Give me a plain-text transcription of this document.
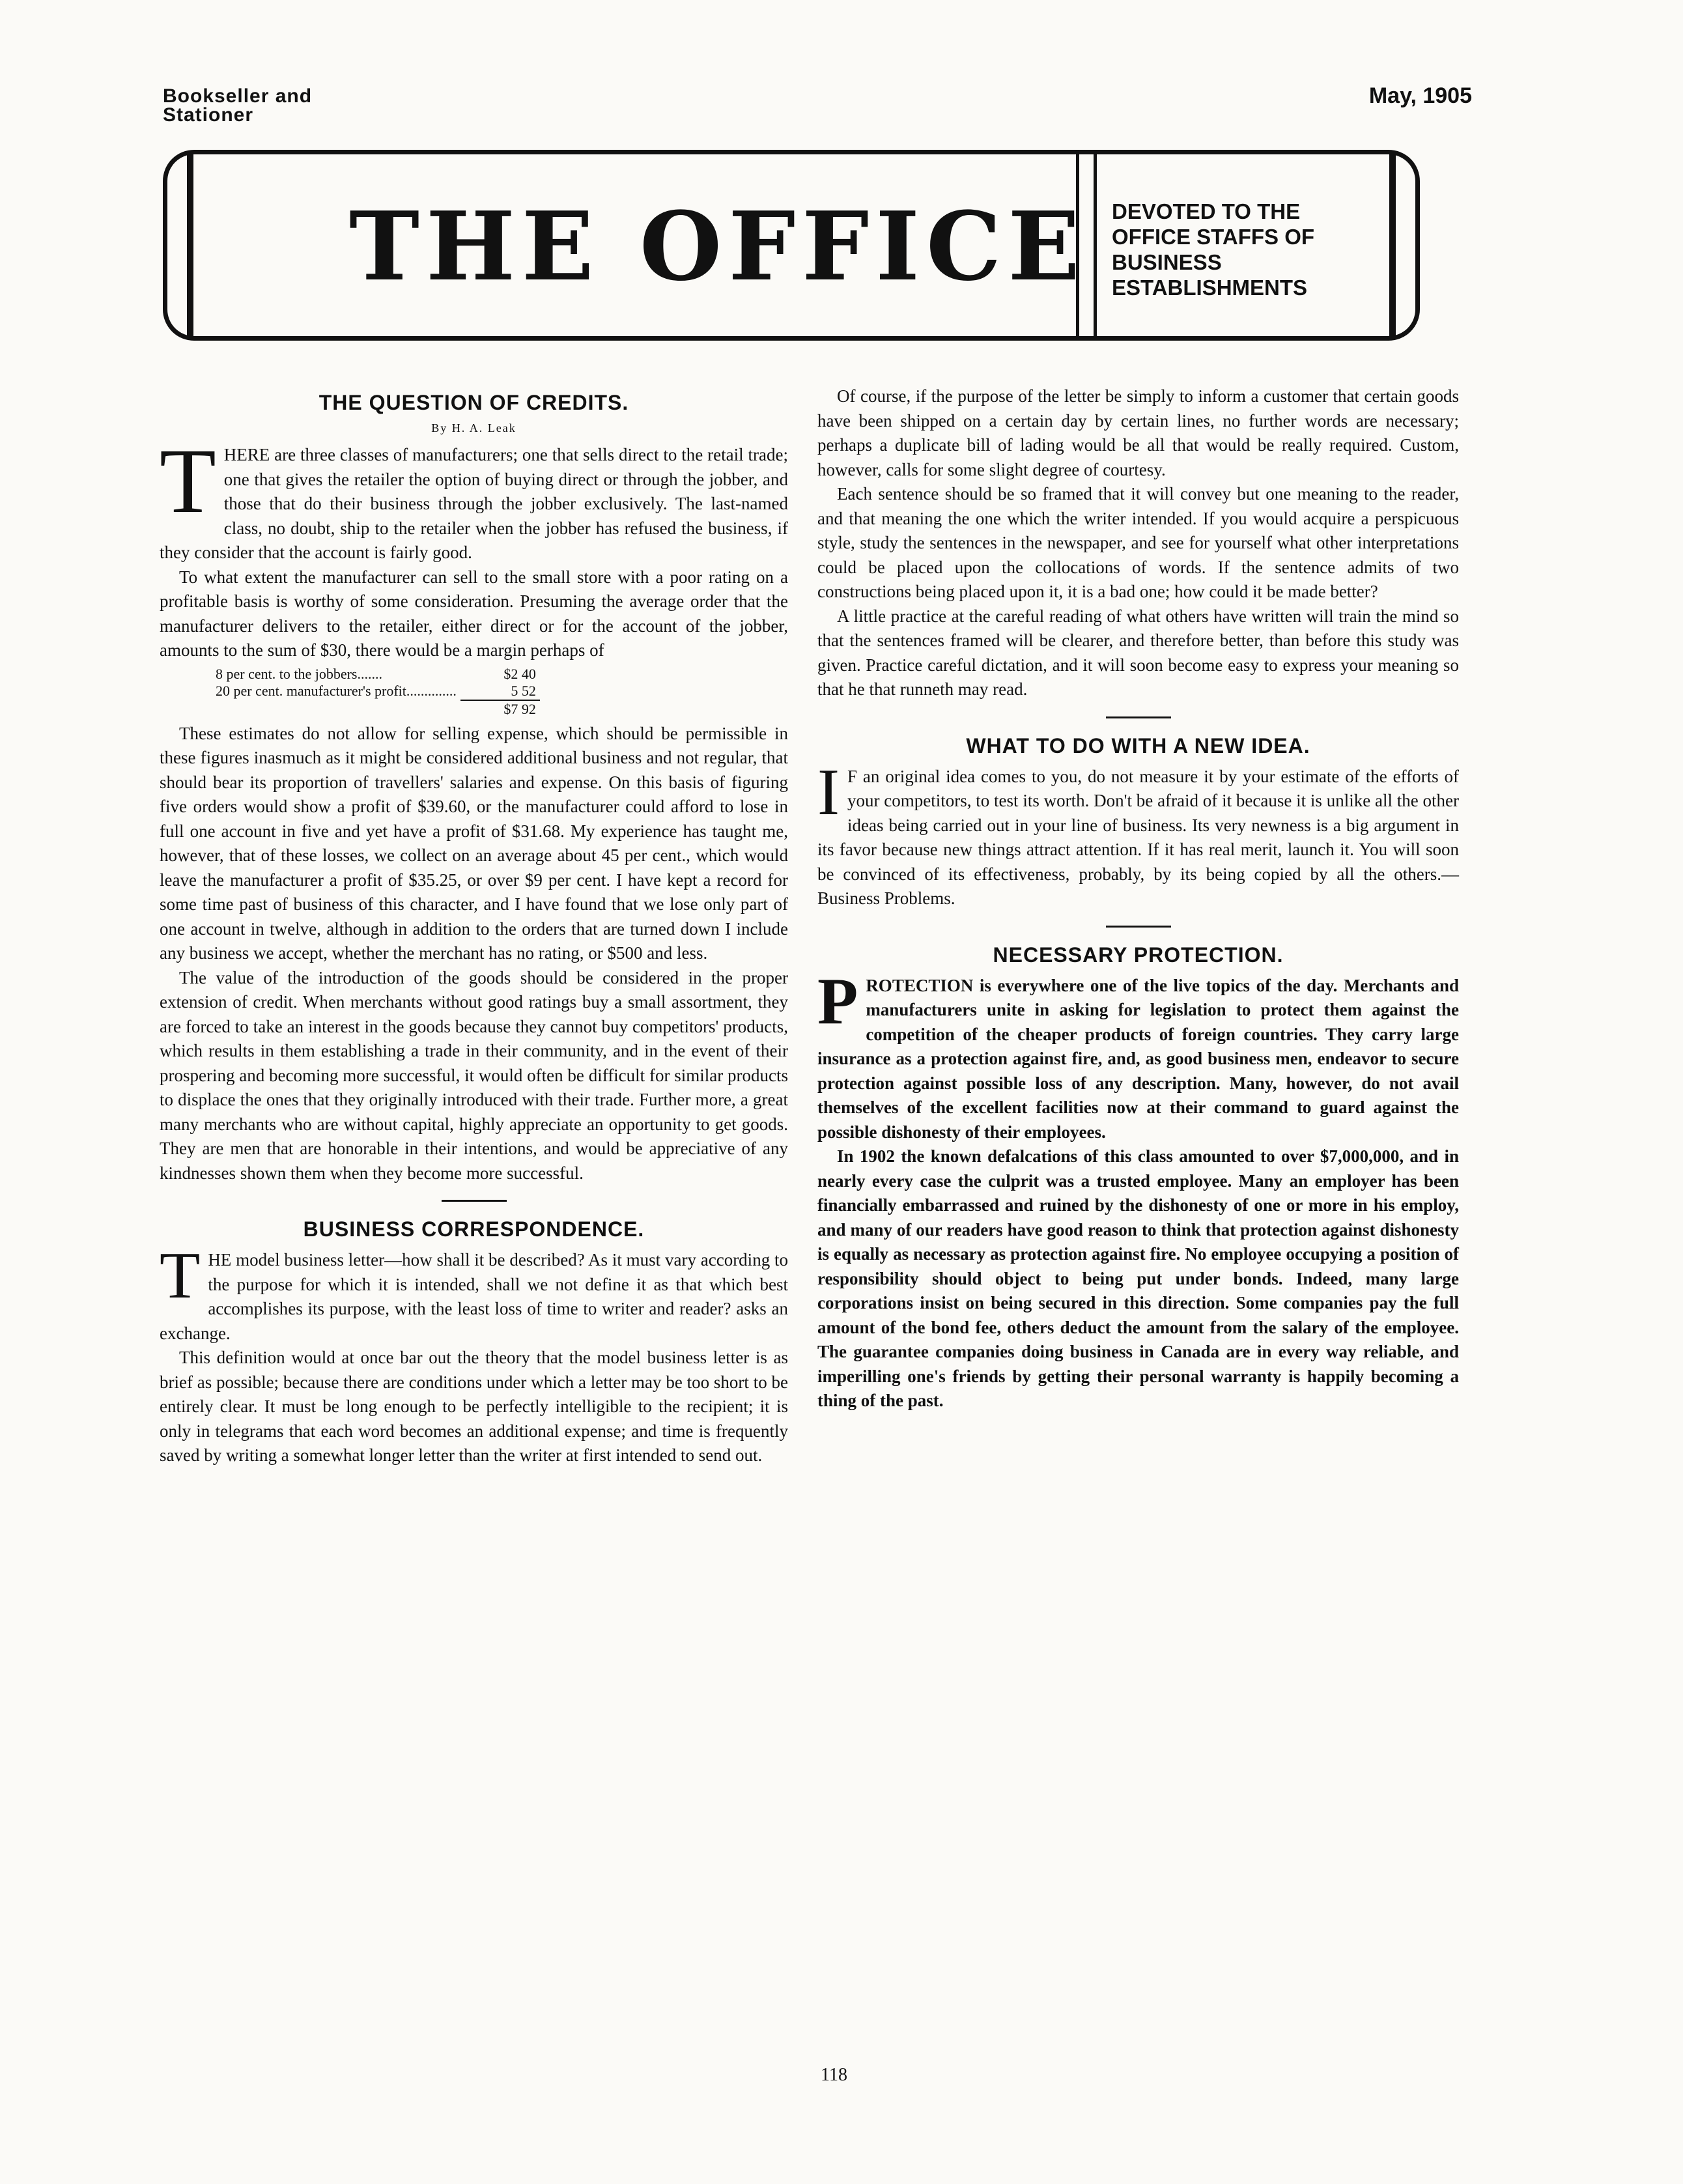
Bookseller and
Stationer
May, 1905
THE OFFICE	DEVOTED TO THE
OFFICE STAFFS OF
BUSINESS
ESTABLISHMENTS
THE QUESTION OF CREDITS.
By H. A. Leak

THERE are three classes of manufacturers; one that sells direct to the retail trade; one that gives the retailer the option of buying direct or through the jobber, and those that do their business through the jobber exclusively. The last-named class, no doubt, ship to the retailer when the jobber has refused the business, if they consider that the account is fairly good.

To what extent the manufacturer can sell to the small store with a poor rating on a profitable basis is worthy of some consideration. Presuming the average order that the manufacturer delivers to the retailer, either direct or for the account of the jobber, amounts to the sum of $30, there would be a margin perhaps of

8 per cent. to the jobbers.......	$2 40
20 per cent. manufacturer's profit..............	5 52
	$7 92

These estimates do not allow for selling expense, which should be permissible in these figures inasmuch as it might be considered additional business and not regular, that should bear its proportion of travellers' salaries and expense. On this basis of figuring five orders would show a profit of $39.60, or the manufacturer could afford to lose in full one account in five and yet have a profit of $31.68. My experience has taught me, however, that of these losses, we collect on an average about 45 per cent., which would leave the manufacturer a profit of $35.25, or over $9 per cent. I have kept a record for some time past of business of this character, and I have found that we lose only part of one account in twelve, although in addition to the orders that are turned down I include any business we accept, whether the merchant has no rating, or $500 and less.

The value of the introduction of the goods should be considered in the proper extension of credit. When merchants without good ratings buy a small assortment, they are forced to take an interest in the goods because they cannot buy competitors' products, which results in them establishing a trade in their community, and in the event of their prospering and becoming more successful, it would often be difficult for similar products to displace the ones that they originally introduced with their trade. Further more, a great many merchants who are without capital, highly appreciate an opportunity to get goods. They are men that are honorable in their intentions, and would be appreciative of any kindnesses shown them when they become more successful.

BUSINESS CORRESPONDENCE.

THE model business letter—how shall it be described? As it must vary according to the purpose for which it is intended, shall we not define it as that which best accomplishes its purpose, with the least loss of time to writer and reader? asks an exchange.

This definition would at once bar out the theory that the model business letter is as brief as possible; because there are conditions under which a letter may be too short to be entirely clear. It must be long enough to be perfectly intelligible to the recipient; it is only in telegrams that each word becomes an additional expense; and time is frequently saved by writing a somewhat longer letter than the writer at first intended to send out.

Of course, if the purpose of the letter be simply to inform a customer that certain goods have been shipped on a certain day by certain lines, no further words are necessary; perhaps a duplicate bill of lading would be all that would be really required. Custom, however, calls for some slight degree of courtesy.

Each sentence should be so framed that it will convey but one meaning to the reader, and that meaning the one which the writer intended. If you would acquire a perspicuous style, study the sentences in the newspaper, and see for yourself what other interpretations could be placed upon the collocations of words. If the sentence admits of two constructions being placed upon it, it is a bad one; how could it be made better?

A little practice at the careful reading of what others have written will train the mind so that the sentences framed will be clearer, and therefore better, than before this study was given. Practice careful dictation, and it will soon become easy to express your meaning so that he that runneth may read.

WHAT TO DO WITH A NEW IDEA.

I F an original idea comes to you, do not measure it by your estimate of the efforts of your competitors, to test its worth. Don't be afraid of it because it is unlike all the other ideas being carried out in your line of business. Its very newness is a big argument in its favor because new things attract attention. If it has real merit, launch it. You will soon be convinced of its effectiveness, probably, by its being copied by all the others.—Business Problems.

NECESSARY PROTECTION.

PROTECTION is everywhere one of the live topics of the day. Merchants and manufacturers unite in asking for legislation to protect them against the competition of the cheaper products of foreign countries. They carry large insurance as a protection against fire, and, as good business men, endeavor to secure protection against possible loss of any description. Many, however, do not avail themselves of the excellent facilities now at their command to guard against the possible dishonesty of their employees.

In 1902 the known defalcations of this class amounted to over $7,000,000, and in nearly every case the culprit was a trusted employee. Many an employer has been financially embarrassed and ruined by the dishonesty of one or more in his employ, and many of our readers have good reason to think that protection against dishonesty is equally as necessary as protection against fire. No employee occupying a position of responsibility should object to being put under bonds. Indeed, many large corporations insist on being secured in this direction. Some companies pay the full amount of the bond fee, others deduct the amount from the salary of the employee. The guarantee companies doing business in Canada are in every way reliable, and imperilling one's friends by getting their personal warranty is happily becoming a thing of the past.

118
